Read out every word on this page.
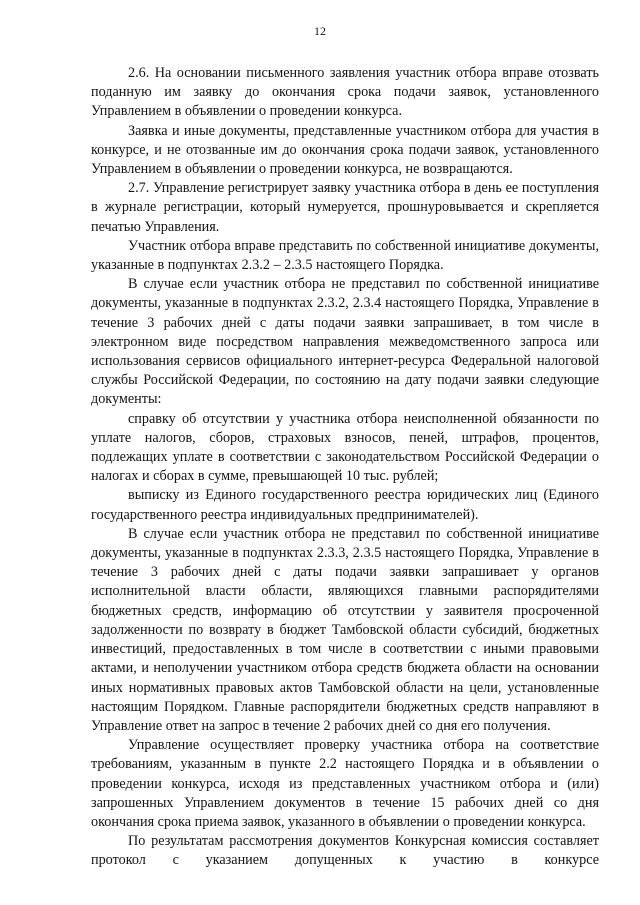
12

2.6. На основании письменного заявления участник отбора вправе отозвать поданную им заявку до окончания срока подачи заявок, установленного Управлением в объявлении о проведении конкурса.

Заявка и иные документы, представленные участником отбора для участия в конкурсе, и не отозванные им до окончания срока подачи заявок, установленного Управлением в объявлении о проведении конкурса, не возвращаются.

2.7. Управление регистрирует заявку участника отбора в день ее поступления в журнале регистрации, который нумеруется, прошнуровывается и скрепляется печатью Управления.

Участник отбора вправе представить по собственной инициативе документы, указанные в подпунктах 2.3.2 – 2.3.5 настоящего Порядка.

В случае если участник отбора не представил по собственной инициативе документы, указанные в подпунктах 2.3.2, 2.3.4 настоящего Порядка, Управление в течение 3 рабочих дней с даты подачи заявки запрашивает, в том числе в электронном виде посредством направления межведомственного запроса или использования сервисов официального интернет-ресурса Федеральной налоговой службы Российской Федерации, по состоянию на дату подачи заявки следующие документы:

справку об отсутствии у участника отбора неисполненной обязанности по уплате налогов, сборов, страховых взносов, пеней, штрафов, процентов, подлежащих уплате в соответствии с законодательством Российской Федерации о налогах и сборах в сумме, превышающей 10 тыс. рублей;

выписку из Единого государственного реестра юридических лиц (Единого государственного реестра индивидуальных предпринимателей).

В случае если участник отбора не представил по собственной инициативе документы, указанные в подпунктах 2.3.3, 2.3.5 настоящего Порядка, Управление в течение 3 рабочих дней с даты подачи заявки запрашивает у органов исполнительной власти области, являющихся главными распорядителями бюджетных средств, информацию об отсутствии у заявителя просроченной задолженности по возврату в бюджет Тамбовской области субсидий, бюджетных инвестиций, предоставленных в том числе в соответствии с иными правовыми актами, и неполучении участником отбора средств бюджета области на основании иных нормативных правовых актов Тамбовской области на цели, установленные настоящим Порядком. Главные распорядители бюджетных средств направляют в Управление ответ на запрос в течение 2 рабочих дней со дня его получения.

Управление осуществляет проверку участника отбора на соответствие требованиям, указанным в пункте 2.2 настоящего Порядка и в объявлении о проведении конкурса, исходя из представленных участником отбора и (или) запрошенных Управлением документов в течение 15 рабочих дней со дня окончания срока приема заявок, указанного в объявлении о проведении конкурса.

По результатам рассмотрения документов Конкурсная комиссия составляет протокол с указанием допущенных к участию в конкурсе
